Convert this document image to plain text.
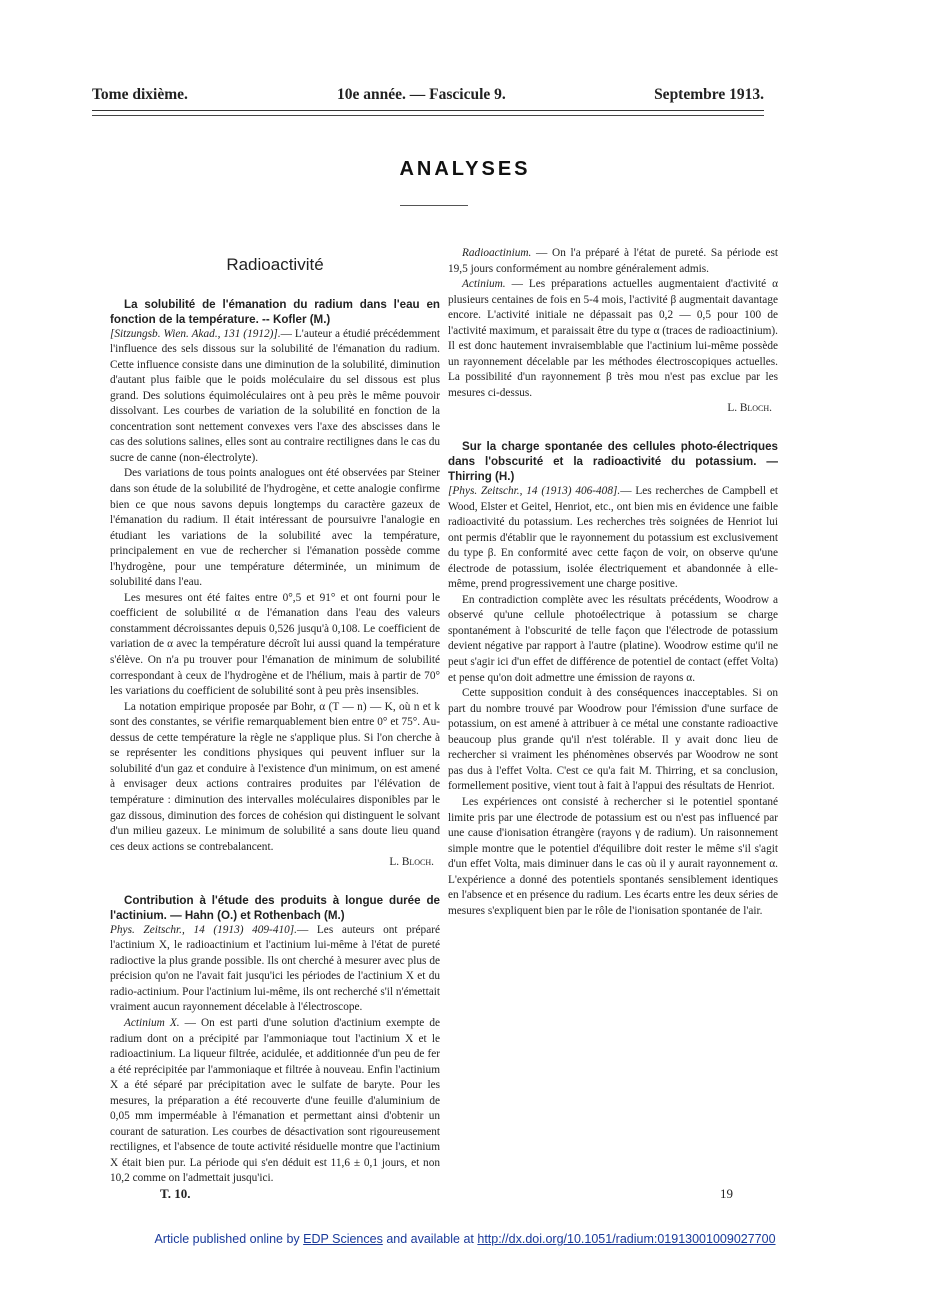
Tome dixième.	10e année. — Fascicule 9.	Septembre 1913.
ANALYSES
Radioactivité

La solubilité de l'émanation du radium dans l'eau en fonction de la température. -- Kofler (M.)

[Sitzungsb. Wien. Akad., 131 (1912)].— L'auteur a étudié précédemment l'influence des sels dissous sur la solubilité de l'émanation du radium. Cette influence consiste dans une diminution de la solubilité, diminution d'autant plus faible que le poids moléculaire du sel dissous est plus grand. Des solutions équimoléculaires ont à peu près le même pouvoir dissolvant. Les courbes de variation de la solubilité en fonction de la concentration sont nettement convexes vers l'axe des abscisses dans le cas des solutions salines, elles sont au contraire rectilignes dans le cas du sucre de canne (non-électrolyte).

Des variations de tous points analogues ont été observées par Steiner dans son étude de la solubilité de l'hydrogène, et cette analogie confirme bien ce que nous savons depuis longtemps du caractère gazeux de l'émanation du radium. Il était intéressant de poursuivre l'analogie en étudiant les variations de la solubilité avec la température, principalement en vue de rechercher si l'émanation possède comme l'hydrogène, pour une température déterminée, un minimum de solubilité dans l'eau.

Les mesures ont été faites entre 0°,5 et 91° et ont fourni pour le coefficient de solubilité α de l'émanation dans l'eau des valeurs constamment décroissantes depuis 0,526 jusqu'à 0,108. Le coefficient de variation de α avec la température décroît lui aussi quand la température s'élève. On n'a pu trouver pour l'émanation de minimum de solubilité correspondant à ceux de l'hydrogène et de l'hélium, mais à partir de 70° les variations du coefficient de solubilité sont à peu près insensibles.

La notation empirique proposée par Bohr, α (T — n) — K, où n et k sont des constantes, se vérifie remarquablement bien entre 0° et 75°. Au-dessus de cette température la règle ne s'applique plus. Si l'on cherche à se représenter les conditions physiques qui peuvent influer sur la solubilité d'un gaz et conduire à l'existence d'un minimum, on est amené à envisager deux actions contraires produites par l'élévation de température : diminution des intervalles moléculaires disponibles par le gaz dissous, diminution des forces de cohésion qui distinguent le solvant d'un milieu gazeux. Le minimum de solubilité a sans doute lieu quand ces deux actions se contrebalancent.

L. Bloch.

Contribution à l'étude des produits à longue durée de l'actinium. — Hahn (O.) et Rothenbach (M.)

Phys. Zeitschr., 14 (1913) 409-410].— Les auteurs ont préparé l'actinium X, le radioactinium et l'actinium lui-même à l'état de pureté radioctive la plus grande possible. Ils ont cherché à mesurer avec plus de précision qu'on ne l'avait fait jusqu'ici les périodes de l'actinium X et du radio-actinium. Pour l'actinium lui-même, ils ont recherché s'il n'émettait vraiment aucun rayonnement décelable à l'électroscope.

Actinium X. — On est parti d'une solution d'actinium exempte de radium dont on a précipité par l'ammoniaque tout l'actinium X et le radioactinium. La liqueur filtrée, acidulée, et additionnée d'un peu de fer a été reprécipitée par l'ammoniaque et filtrée à nouveau. Enfin l'actinium X a été séparé par précipitation avec le sulfate de baryte. Pour les mesures, la préparation a été recouverte d'une feuille d'aluminium de 0,05 mm imperméable à l'émanation et permettant ainsi d'obtenir un courant de saturation. Les courbes de désactivation sont rigoureusement rectilignes, et l'absence de toute activité résiduelle montre que l'actinium X était bien pur. La période qui s'en déduit est 11,6 ± 0,1 jours, et non 10,2 comme on l'admettait jusqu'ici.

Radioactinium. — On l'a préparé à l'état de pureté. Sa période est 19,5 jours conformément au nombre généralement admis.

Actinium. — Les préparations actuelles augmentaient d'activité α plusieurs centaines de fois en 5-4 mois, l'activité β augmentait davantage encore. L'activité initiale ne dépassait pas 0,2 — 0,5 pour 100 de l'activité maximum, et paraissait être du type α (traces de radioactinium). Il est donc hautement invraisemblable que l'actinium lui-même possède un rayonnement décelable par les méthodes électroscopiques actuelles. La possibilité d'un rayonnement β très mou n'est pas exclue par les mesures ci-dessus.

L. Bloch.

Sur la charge spontanée des cellules photo-électriques dans l'obscurité et la radioactivité du potassium. — Thirring (H.)

[Phys. Zeitschr., 14 (1913) 406-408].— Les recherches de Campbell et Wood, Elster et Geitel, Henriot, etc., ont bien mis en évidence une faible radioactivité du potassium. Les recherches très soignées de Henriot lui ont permis d'établir que le rayonnement du potassium est exclusivement du type β. En conformité avec cette façon de voir, on observe qu'une électrode de potassium, isolée électriquement et abandonnée à elle-même, prend progressivement une charge positive.

En contradiction complète avec les résultats précédents, Woodrow a observé qu'une cellule photoélectrique à potassium se charge spontanément à l'obscurité de telle façon que l'électrode de potassium devient négative par rapport à l'autre (platine). Woodrow estime qu'il ne peut s'agir ici d'un effet de différence de potentiel de contact (effet Volta) et pense qu'on doit admettre une émission de rayons α.

Cette supposition conduit à des conséquences inacceptables. Si on part du nombre trouvé par Woodrow pour l'émission d'une surface de potassium, on est amené à attribuer à ce métal une constante radioactive beaucoup plus grande qu'il n'est tolérable. Il y avait donc lieu de rechercher si vraiment les phénomènes observés par Woodrow ne sont pas dus à l'effet Volta. C'est ce qu'a fait M. Thirring, et sa conclusion, formellement positive, vient tout à fait à l'appui des résultats de Henriot.

Les expériences ont consisté à rechercher si le potentiel spontané limite pris par une électrode de potassium est ou n'est pas influencé par une cause d'ionisation étrangère (rayons γ de radium). Un raisonnement simple montre que le potentiel d'équilibre doit rester le même s'il s'agit d'un effet Volta, mais diminuer dans le cas où il y aurait rayonnement α. L'expérience a donné des potentiels spontanés sensiblement identiques en l'absence et en présence du radium. Les écarts entre les deux séries de mesures s'expliquent bien par le rôle de l'ionisation spontanée de l'air.

T. 10.	19
Article published online by EDP Sciences and available at http://dx.doi.org/10.1051/radium:01913001009027700
